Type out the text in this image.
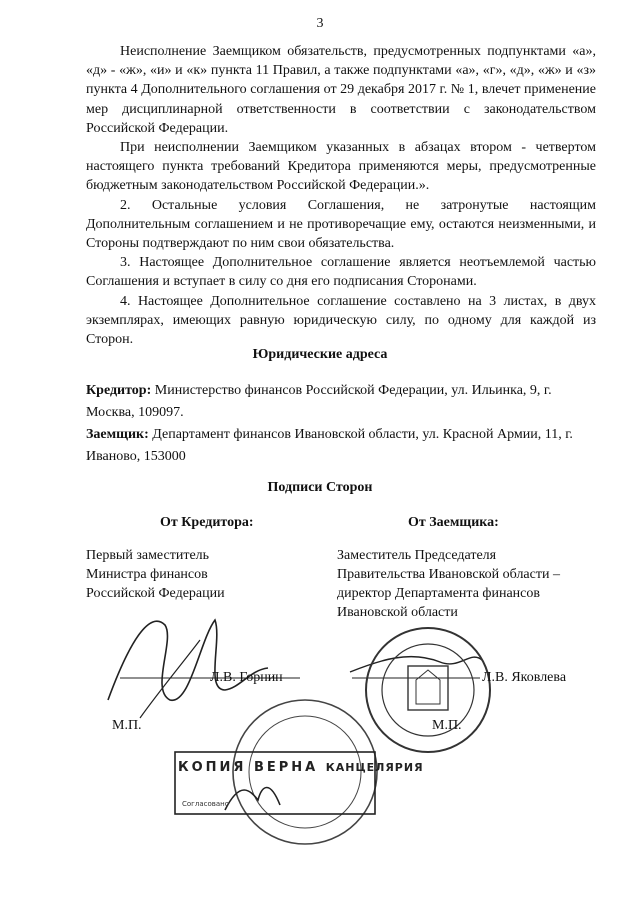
3

Неисполнение Заемщиком обязательств, предусмотренных подпунктами «а», «д» - «ж», «и» и «к» пункта 11 Правил, а также подпунктами «а», «г», «д», «ж» и «з» пункта 4 Дополнительного соглашения от 29 декабря 2017 г. № 1, влечет применение мер дисциплинарной ответственности в соответствии с законодательством Российской Федерации.

При неисполнении Заемщиком указанных в абзацах втором - четвертом настоящего пункта требований Кредитора применяются меры, предусмотренные бюджетным законодательством Российской Федерации.».

2. Остальные условия Соглашения, не затронутые настоящим Дополнительным соглашением и не противоречащие ему, остаются неизменными, и Стороны подтверждают по ним свои обязательства.

3. Настоящее Дополнительное соглашение является неотъемлемой частью Соглашения и вступает в силу со дня его подписания Сторонами.

4. Настоящее Дополнительное соглашение составлено на 3 листах, в двух экземплярах, имеющих равную юридическую силу, по одному для каждой из Сторон.

Юридические адреса
Кредитор: Министерство финансов Российской Федерации, ул. Ильинка, 9, г. Москва, 109097.
Заемщик: Департамент финансов Ивановской области, ул. Красной Армии, 11, г. Иваново, 153000
Подписи Сторон
От Кредитора:	От Заемщика:
Первый заместитель
Министра финансов
Российской Федерации
Заместитель Председателя
Правительства Ивановской области –
директор Департамента финансов
Ивановской области
Л.В. Горнин	Л.В. Яковлева
М.П.	М.П.
КОПИЯ ВЕРНА КАНЦЕЛЯРИЯ
Согласовано
